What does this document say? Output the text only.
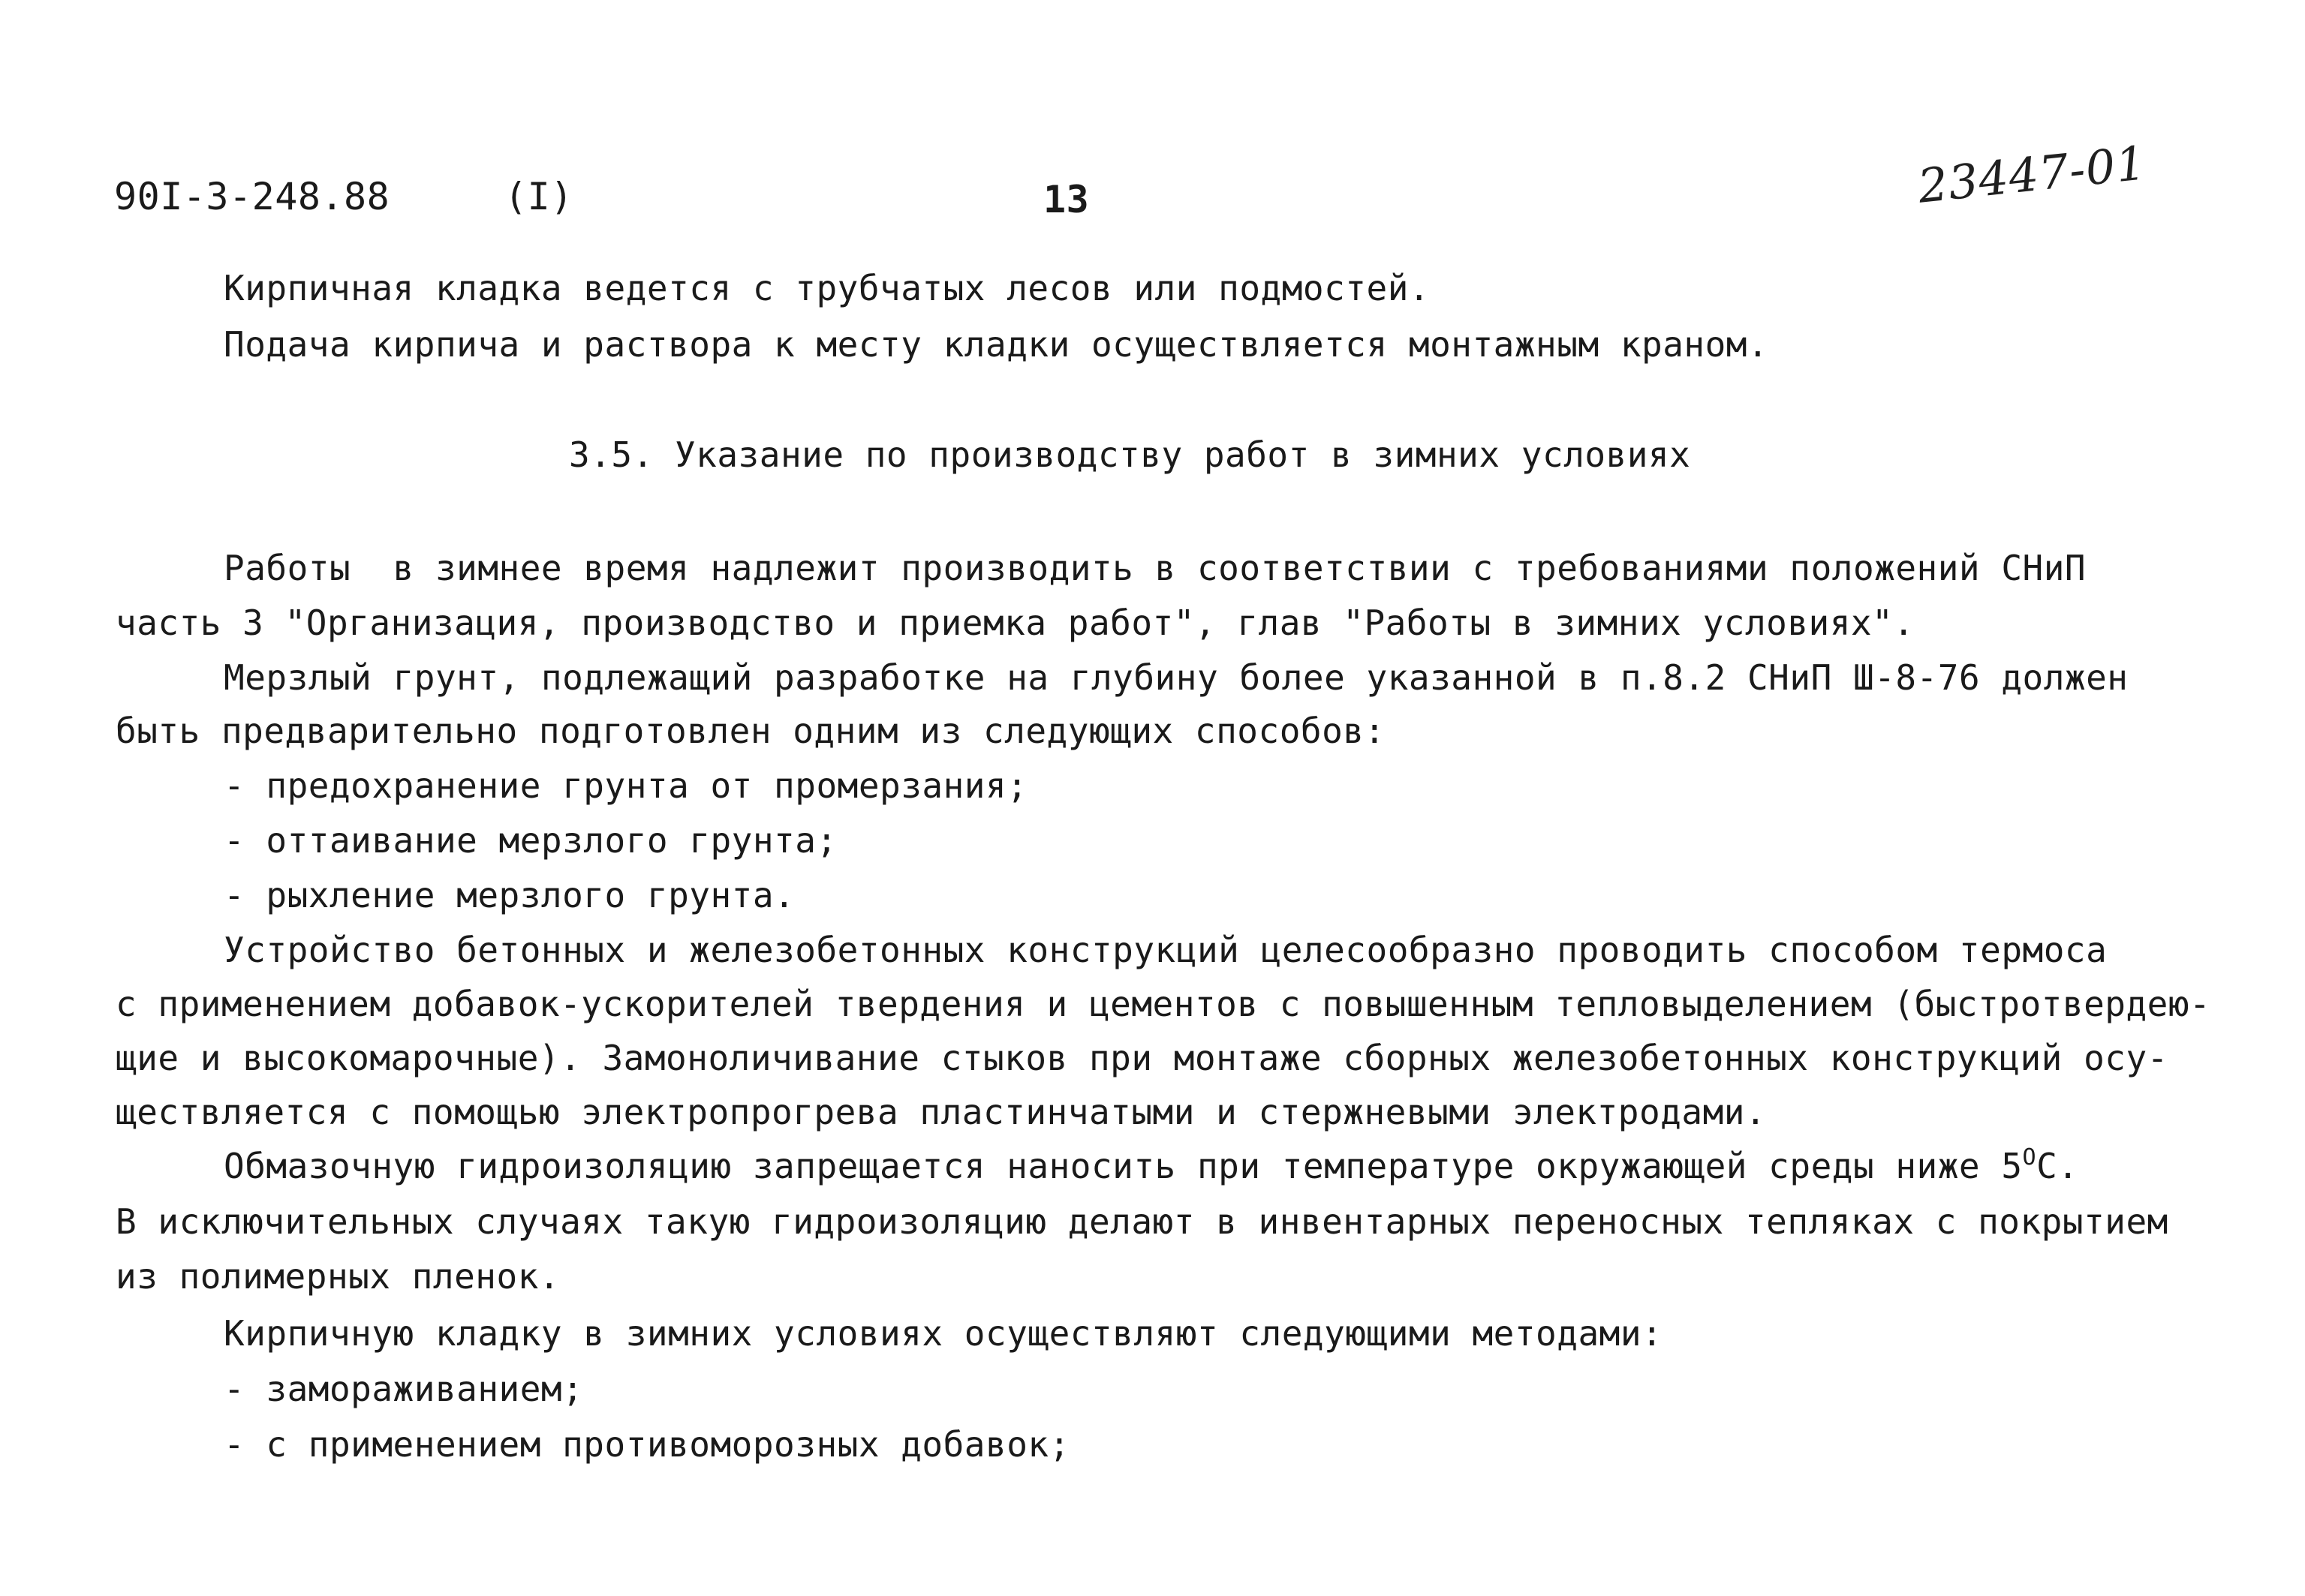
90I-3-248.88	(I)	13	23447-01
Кирпичная кладка ведется с трубчатых лесов или подмостей.
Подача кирпича и раствора к месту кладки осуществляется монтажным краном.
3.5. Указание по производству работ в зимних условиях
Работы  в зимнее время надлежит производить в соответствии с требованиями положений СНиП
часть 3 "Организация, производство и приемка работ", глав "Работы в зимних условиях".
Мерзлый грунт, подлежащий разработке на глубину более указанной в п.8.2 СНиП Ш-8-76 должен
быть предварительно подготовлен одним из следующих способов:
- предохранение грунта от промерзания;
- оттаивание мерзлого грунта;
- рыхление мерзлого грунта.
Устройство бетонных и железобетонных конструкций целесообразно проводить способом термоса
с применением добавок-ускорителей твердения и цементов с повышенным тепловыделением (быстротвердею-
щие и высокомарочные). Замоноличивание стыков при монтаже сборных железобетонных конструкций осу-
ществляется с помощью электропрогрева пластинчатыми и стержневыми электродами.
Обмазочную гидроизоляцию запрещается наносить при температуре окружающей среды ниже $5^OС$.
В исключительных случаях такую гидроизоляцию делают в инвентарных переносных тепляках с покрытием
из полимерных пленок.
Кирпичную кладку в зимних условиях осуществляют следующими методами:
- замораживанием;
- с применением противоморозных добавок;
